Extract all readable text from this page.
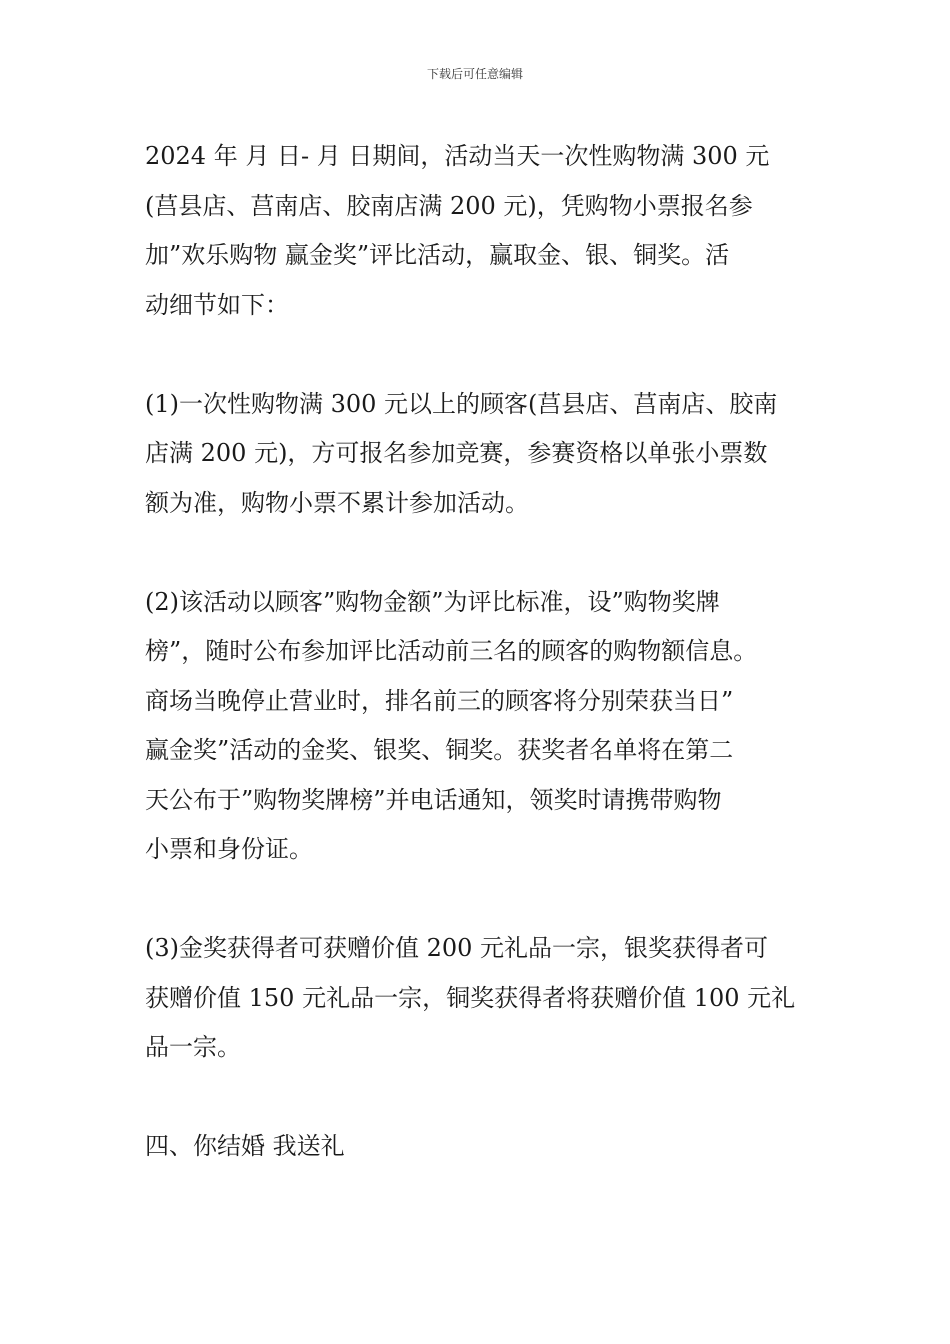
下载后可任意编辑

2024 年 月 日- 月 日期间，活动当天一次性购物满 300 元
(莒县店、莒南店、胶南店满 200 元)，凭购物小票报名参
加”欢乐购物 赢金奖”评比活动，赢取金、银、铜奖。活
动细节如下：

(1)一次性购物满 300 元以上的顾客(莒县店、莒南店、胶南
店满 200 元)，方可报名参加竞赛，参赛资格以单张小票数
额为准，购物小票不累计参加活动。

(2)该活动以顾客”购物金额”为评比标准，设”购物奖牌
榜”，随时公布参加评比活动前三名的顾客的购物额信息。
商场当晚停止营业时，排名前三的顾客将分别荣获当日”
赢金奖”活动的金奖、银奖、铜奖。获奖者名单将在第二
天公布于”购物奖牌榜”并电话通知，领奖时请携带购物
小票和身份证。

(3)金奖获得者可获赠价值 200 元礼品一宗，银奖获得者可
获赠价值 150 元礼品一宗，铜奖获得者将获赠价值 100 元礼
品一宗。

四、你结婚 我送礼
